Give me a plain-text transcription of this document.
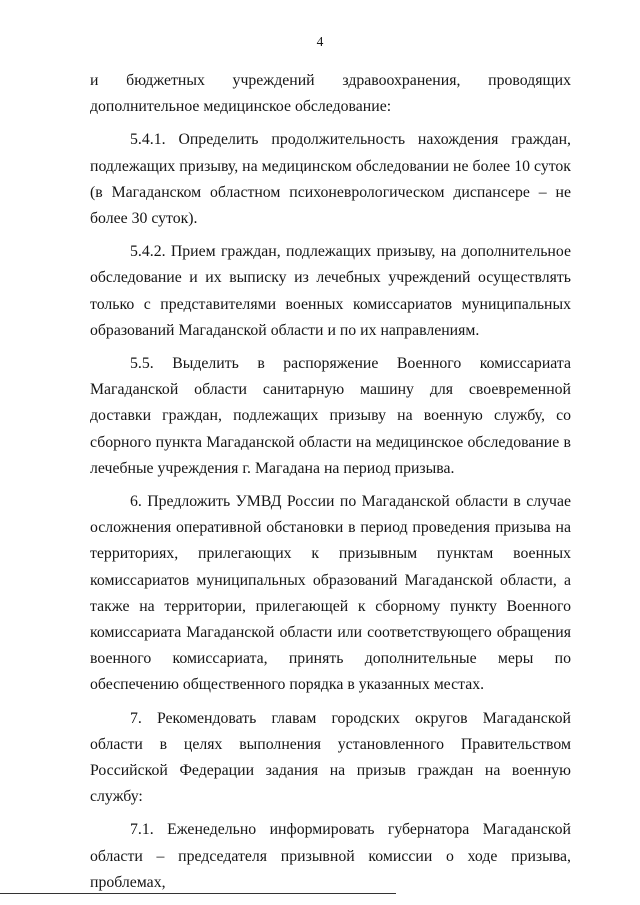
4

и бюджетных учреждений здравоохранения, проводящих дополнительное медицинское обследование:

5.4.1. Определить продолжительность нахождения граждан, подлежащих призыву, на медицинском обследовании не более 10 суток (в Магаданском областном психоневрологическом диспансере – не более 30 суток).

5.4.2. Прием граждан, подлежащих призыву, на дополнительное обследование и их выписку из лечебных учреждений осуществлять только с представителями военных комиссариатов муниципальных образований Магаданской области и по их направлениям.

5.5. Выделить в распоряжение Военного комиссариата Магаданской области санитарную машину для своевременной доставки граждан, подлежащих призыву на военную службу, со сборного пункта Магаданской области на медицинское обследование в лечебные учреждения г. Магадана на период призыва.

6. Предложить УМВД России по Магаданской области в случае осложнения оперативной обстановки в период проведения призыва на территориях, прилегающих к призывным пунктам военных комиссариатов муниципальных образований Магаданской области, а также на территории, прилегающей к сборному пункту Военного комиссариата Магаданской области или соответствующего обращения военного комиссариата, принять дополнительные меры по обеспечению общественного порядка в указанных местах.

7. Рекомендовать главам городских округов Магаданской области в целях выполнения установленного Правительством Российской Федерации задания на призыв граждан на военную службу:

7.1. Еженедельно информировать губернатора Магаданской области – председателя призывной комиссии о ходе призыва, проблемах,
